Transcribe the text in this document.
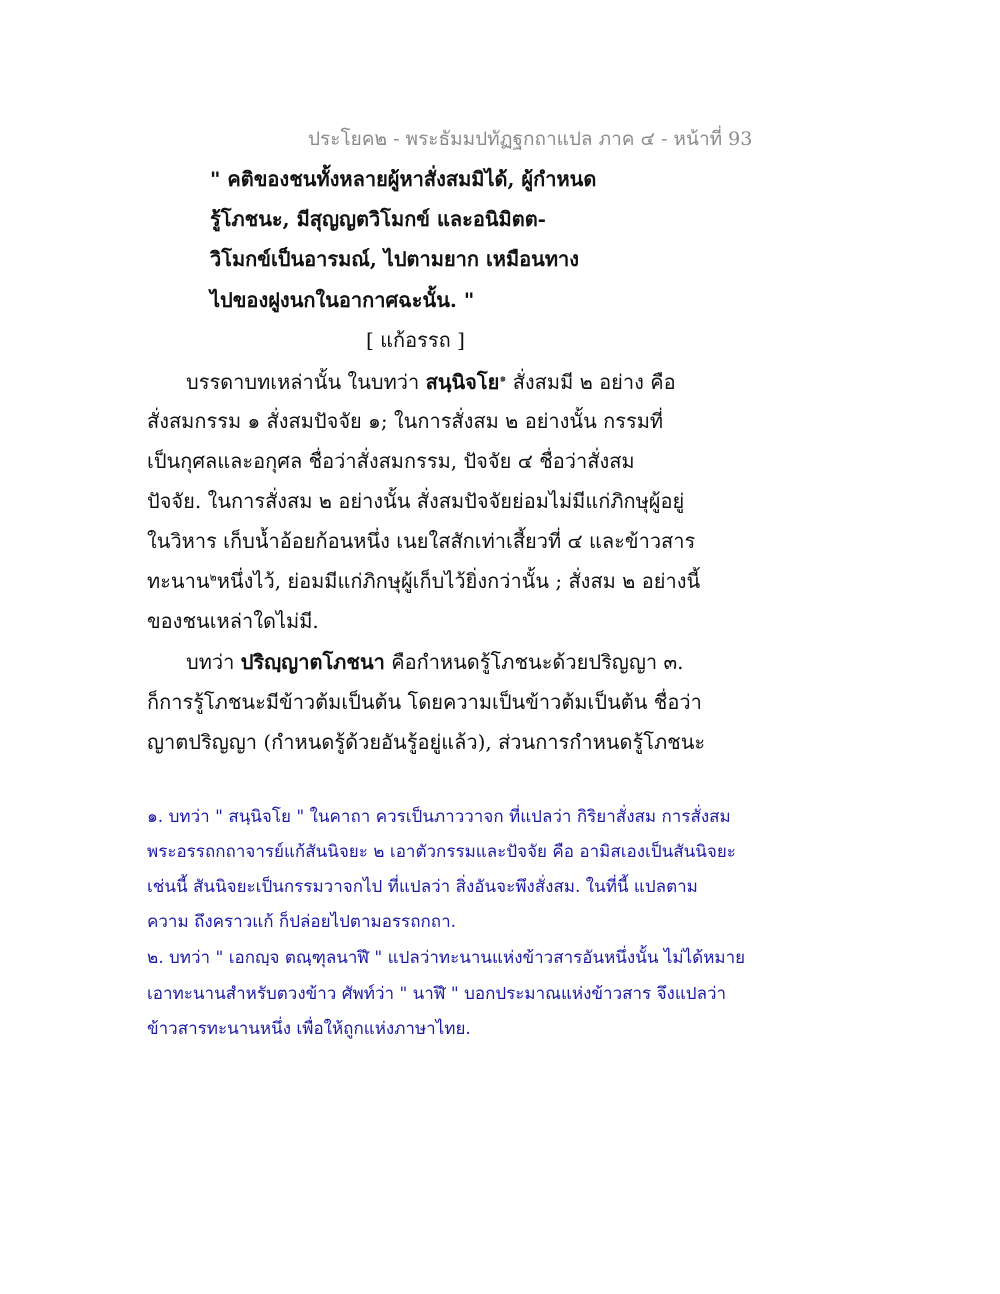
ประโยค๒ - พระธัมมปทัฏฐกถาแปล ภาค ๔ - หน้าที่ 93
" คติของชนทั้งหลายผู้หาสั่งสมมิได้, ผู้กำหนด
รู้โภชนะ, มีสุญญตวิโมกข์ และอนิมิตต-
วิโมกข์เป็นอารมณ์, ไปตามยาก เหมือนทาง
ไปของฝูงนกในอากาศฉะนั้น. "
[ แก้อรรถ ]
บรรดาบทเหล่านั้น ในบทว่า สนฺนิจโย$^๑$ สั่งสมมี ๒ อย่าง คือ
สั่งสมกรรม ๑ สั่งสมปัจจัย ๑; ในการสั่งสม ๒ อย่างนั้น กรรมที่
เป็นกุศลและอกุศล ชื่อว่าสั่งสมกรรม, ปัจจัย ๔ ชื่อว่าสั่งสม
ปัจจัย. ในการสั่งสม ๒ อย่างนั้น สั่งสมปัจจัยย่อมไม่มีแก่ภิกษุผู้อยู่
ในวิหาร เก็บน้ำอ้อยก้อนหนึ่ง เนยใสสักเท่าเสี้ยวที่ ๔ และข้าวสาร
ทะนาน$^๒$หนึ่งไว้, ย่อมมีแก่ภิกษุผู้เก็บไว้ยิ่งกว่านั้น ; สั่งสม ๒ อย่างนี้
ของชนเหล่าใดไม่มี.
บทว่า ปริญฺญาตโภชนา คือกำหนดรู้โภชนะด้วยปริญญา ๓.
ก็การรู้โภชนะมีข้าวต้มเป็นต้น โดยความเป็นข้าวต้มเป็นต้น ชื่อว่า
ญาตปริญญา (กำหนดรู้ด้วยอันรู้อยู่แล้ว), ส่วนการกำหนดรู้โภชนะ
๑. บทว่า " สนฺนิจโย " ในคาถา ควรเป็นภาววาจก ที่แปลว่า กิริยาสั่งสม การสั่งสม
พระอรรถกถาจารย์แก้สันนิจยะ ๒ เอาตัวกรรมและปัจจัย คือ อามิสเองเป็นสันนิจยะ
เช่นนี้ สันนิจยะเป็นกรรมวาจกไป ที่แปลว่า สิ่งอันจะพึงสั่งสม. ในที่นี้ แปลตาม
ความ ถึงคราวแก้ ก็ปล่อยไปตามอรรถกถา.
๒. บทว่า " เอกญฺจ ตณฺฑุลนาฬึ " แปลว่าทะนานแห่งข้าวสารอันหนึ่งนั้น ไม่ได้หมาย
เอาทะนานสำหรับตวงข้าว ศัพท์ว่า " นาฬึ " บอกประมาณแห่งข้าวสาร จึงแปลว่า
ข้าวสารทะนานหนึ่ง เพื่อให้ถูกแห่งภาษาไทย.
